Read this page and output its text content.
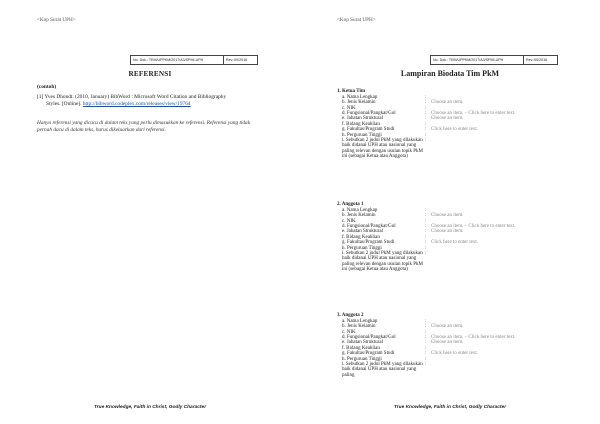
<Kop Surat UPH>
No. Dok.: TEM/UPPKM/2017/A3/SPMI-UPH	Rev.:00/2016
REFERENSI
(contoh)
[1] Yves Dhondt. (2010, January) BibWord : Microsoft Word Citation and Bibliography
Styles. [Online]. http://bibword.codeplex.com/releases/view/19764
Hanya referensi yang dicacu di dalam teks yang perlu dimasukkan ke referensi. Referensi yang tidak pernah dacu di dalam teks, harus dikeluarkan dari referensi.
True Knowledge, Faith in Christ, Godly Character
<Kop Surat UPH>
No. Dok.: TEM/UPPKM/2017/A3/SPMI-UPH	Rev.:00/2016
Lampiran Biodata Tim PkM
1. Ketua Tim
a. Nama Lengkap	:
b. Jenis Kelamin	: Choose an item.
c. NIK	:
d. Fungsional/Pangkat/Gol	: Choose an item. – Click here to enter text.
e. Jabatan Struktural	: Choose an item.
f. Bidang Keahlian	:
g. Fakultas/Program Studi	: Click here to enter text.
h. Perguruan Tinggi	:
i. Sebutkan 2 judul PkM yang dilakukan baik didanai UPH atau nasional yang paling relevan dengan usulan topik PkM ini (sebagai Ketua atau Anggota)
:
2. Anggota 1
a. Nama Lengkap	:
b. Jenis Kelamin	: Choose an item.
c. NIK	:
d. Fungsional/Pangkat/Gol	: Choose an item. – Click here to enter text.
e. Jabatan Struktural	: Choose an item.
f. Bidang Keahlian	:
g. Fakultas/Program Studi	: Click here to enter text.
h. Perguruan Tinggi	:
i. Sebutkan 2 judul PkM yang dilakukan baik didanai UPH atau nasional yang paling relevan dengan usulan topik PkM ini (sebagai Ketua atau Anggota)
:
3. Anggota 2
a. Nama Lengkap	:
b. Jenis Kelamin	: Choose an item.
c. NIK	:
d. Fungsional/Pangkat/Gol	: Choose an item. – Click here to enter text.
e. Jabatan Struktural	: Choose an item.
f. Bidang Keahlian	:
g. Fakultas/Program Studi	: Click here to enter text.
h. Perguruan Tinggi	:
i. Sebutkan 2 judul PkM yang dilakukan baik didanai UPH atau nasional yang paling
:
True Knowledge, Faith in Christ, Godly Character
